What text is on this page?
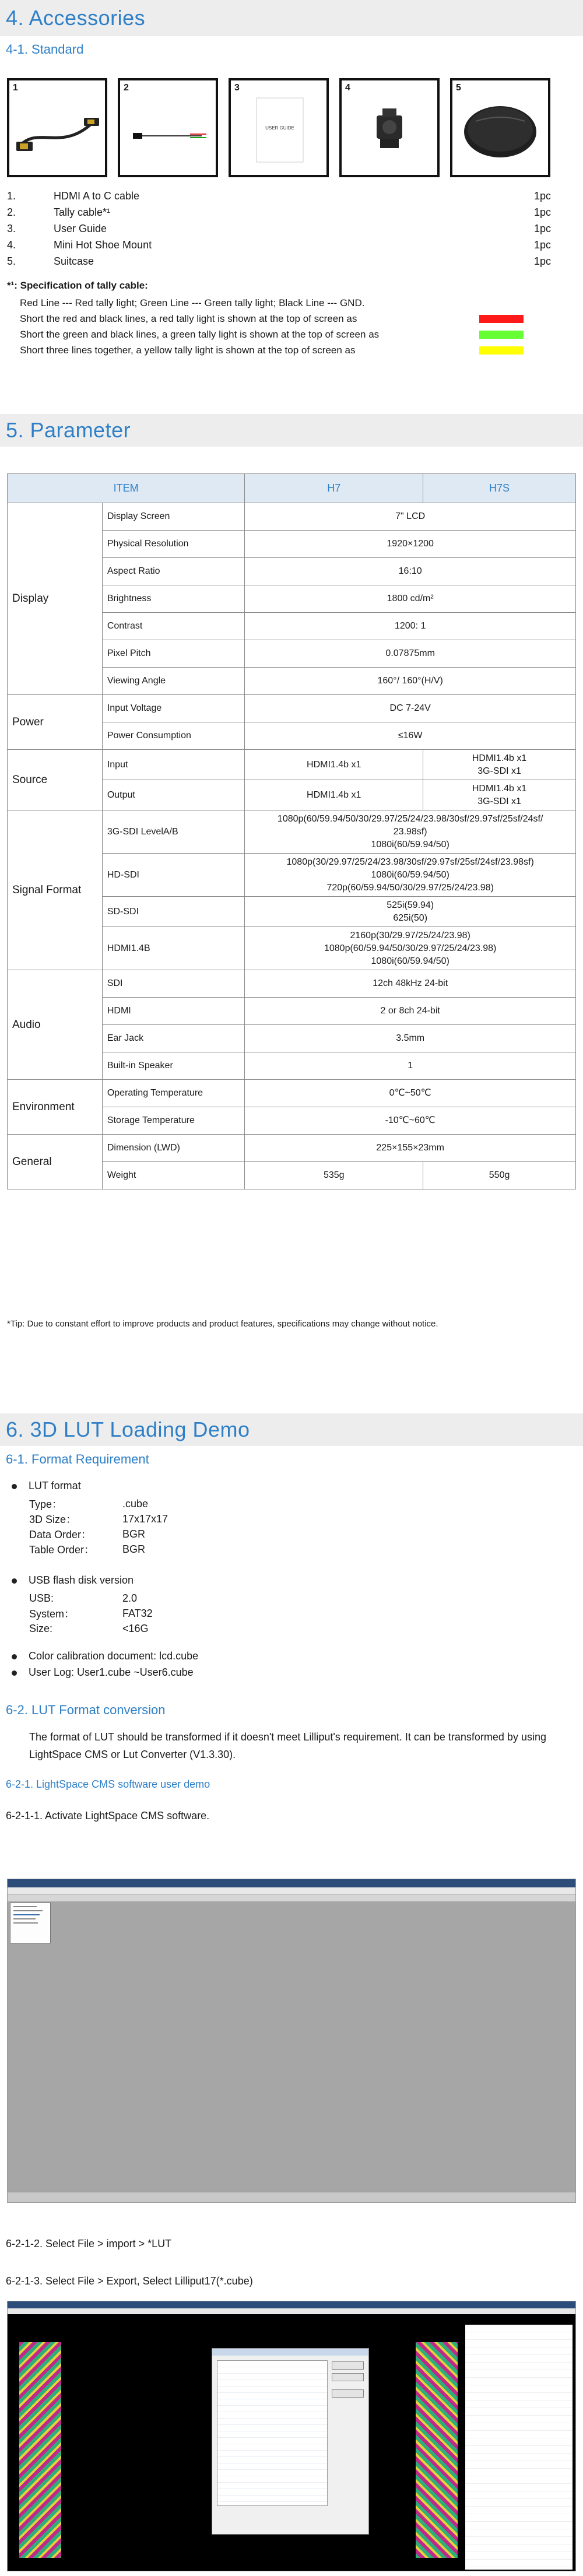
4. Accessories
4-1. Standard
1	2	3
USER GUIDE
4	5
1.	HDMI A to C cable	1pc
2.	Tally cable*¹	1pc
3.	User Guide	1pc
4.	Mini Hot Shoe Mount	1pc
5.	Suitcase	1pc
*¹: Specification of tally cable:
Red Line --- Red tally light; Green Line --- Green tally light; Black Line --- GND.
Short the red and black lines, a red tally light is shown at the top of screen as
Short the green and black lines, a green tally light is shown at the top of screen as
Short three lines together, a yellow tally light is shown at the top of screen as
5. Parameter
ITEM		H7	H7S
Display	Display Screen	7" LCD	
	Physical Resolution	1920×1200	
	Aspect Ratio	16:10	
	Brightness	1800 cd/m²	
	Contrast	1200: 1	
	Pixel Pitch	0.07875mm	
	Viewing Angle	160°/ 160°(H/V)	
Power	Input Voltage	DC 7-24V	
	Power Consumption	≤16W	
Source	Input	HDMI1.4b x1	HDMI1.4b x1
3G-SDI x1
	Output	HDMI1.4b x1	HDMI1.4b x1
3G-SDI x1
Signal Format	3G-SDI LevelA/B	1080p(60/59.94/50/30/29.97/25/24/23.98/30sf/29.97sf/25sf/24sf/
23.98sf)
1080i(60/59.94/50)	
	HD-SDI	1080p(30/29.97/25/24/23.98/30sf/29.97sf/25sf/24sf/23.98sf)
1080i(60/59.94/50)
720p(60/59.94/50/30/29.97/25/24/23.98)	
	SD-SDI	525i(59.94)
625i(50)	
	HDMI1.4B	2160p(30/29.97/25/24/23.98)
1080p(60/59.94/50/30/29.97/25/24/23.98)
1080i(60/59.94/50)	
Audio	SDI	12ch 48kHz 24-bit	
	HDMI	2 or 8ch 24-bit	
	Ear Jack	3.5mm	
	Built-in Speaker	1	
Environment	Operating Temperature	0℃~50℃	
	Storage Temperature	-10℃~60℃	
General	Dimension (LWD)	225×155×23mm	
	Weight	535g	550g
*Tip: Due to constant effort to improve products and product features, specifications may change without notice.
6. 3D LUT Loading Demo
6-1. Format Requirement
LUT format
Type：	.cube
3D Size：	17x17x17
Data Order：	BGR
Table Order：	BGR
USB flash disk version
USB:	2.0
System：	FAT32
Size:	<16G
Color calibration document: lcd.cube
User Log: User1.cube ~User6.cube
6-2. LUT Format conversion
The format of LUT should be transformed if it doesn't meet Lilliput's requirement. It can be transformed by using LightSpace CMS or Lut Converter (V1.3.30).
6-2-1. LightSpace CMS software user demo
6-2-1-1. Activate LightSpace CMS software.
6-2-1-2. Select File > import > *LUT
6-2-1-3. Select File > Export, Select Lilliput17(*.cube)
